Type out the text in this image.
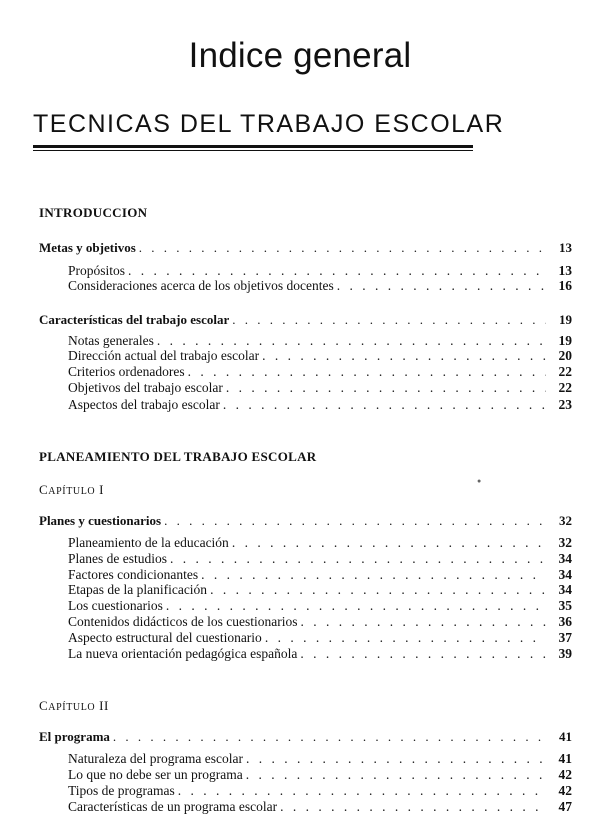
Indice general
TECNICAS DEL TRABAJO ESCOLAR
INTRODUCCION
Metas y objetivos . . .	13
Propósitos . . .	13
Consideraciones acerca de los objetivos docentes . . .	16
Características del trabajo escolar . . .	19
Notas generales . . .	19
Dirección actual del trabajo escolar . . .	20
Criterios ordenadores . . .	22
Objetivos del trabajo escolar . . .	22
Aspectos del trabajo escolar . . .	23
PLANEAMIENTO DEL TRABAJO ESCOLAR
CAPÍTULO I
Planes y cuestionarios . . .	32
Planeamiento de la educación . . .	32
Planes de estudios . . .	34
Factores condicionantes . . .	34
Etapas de la planificación . . .	34
Los cuestionarios . . .	35
Contenidos didácticos de los cuestionarios . . .	36
Aspecto estructural del cuestionario . . .	37
La nueva orientación pedagógica española . . .	39
CAPÍTULO II
El programa . . .	41
Naturaleza del programa escolar . . .	41
Lo que no debe ser un programa . . .	42
Tipos de programas . . .	42
Características de un programa escolar . . .	47
●
